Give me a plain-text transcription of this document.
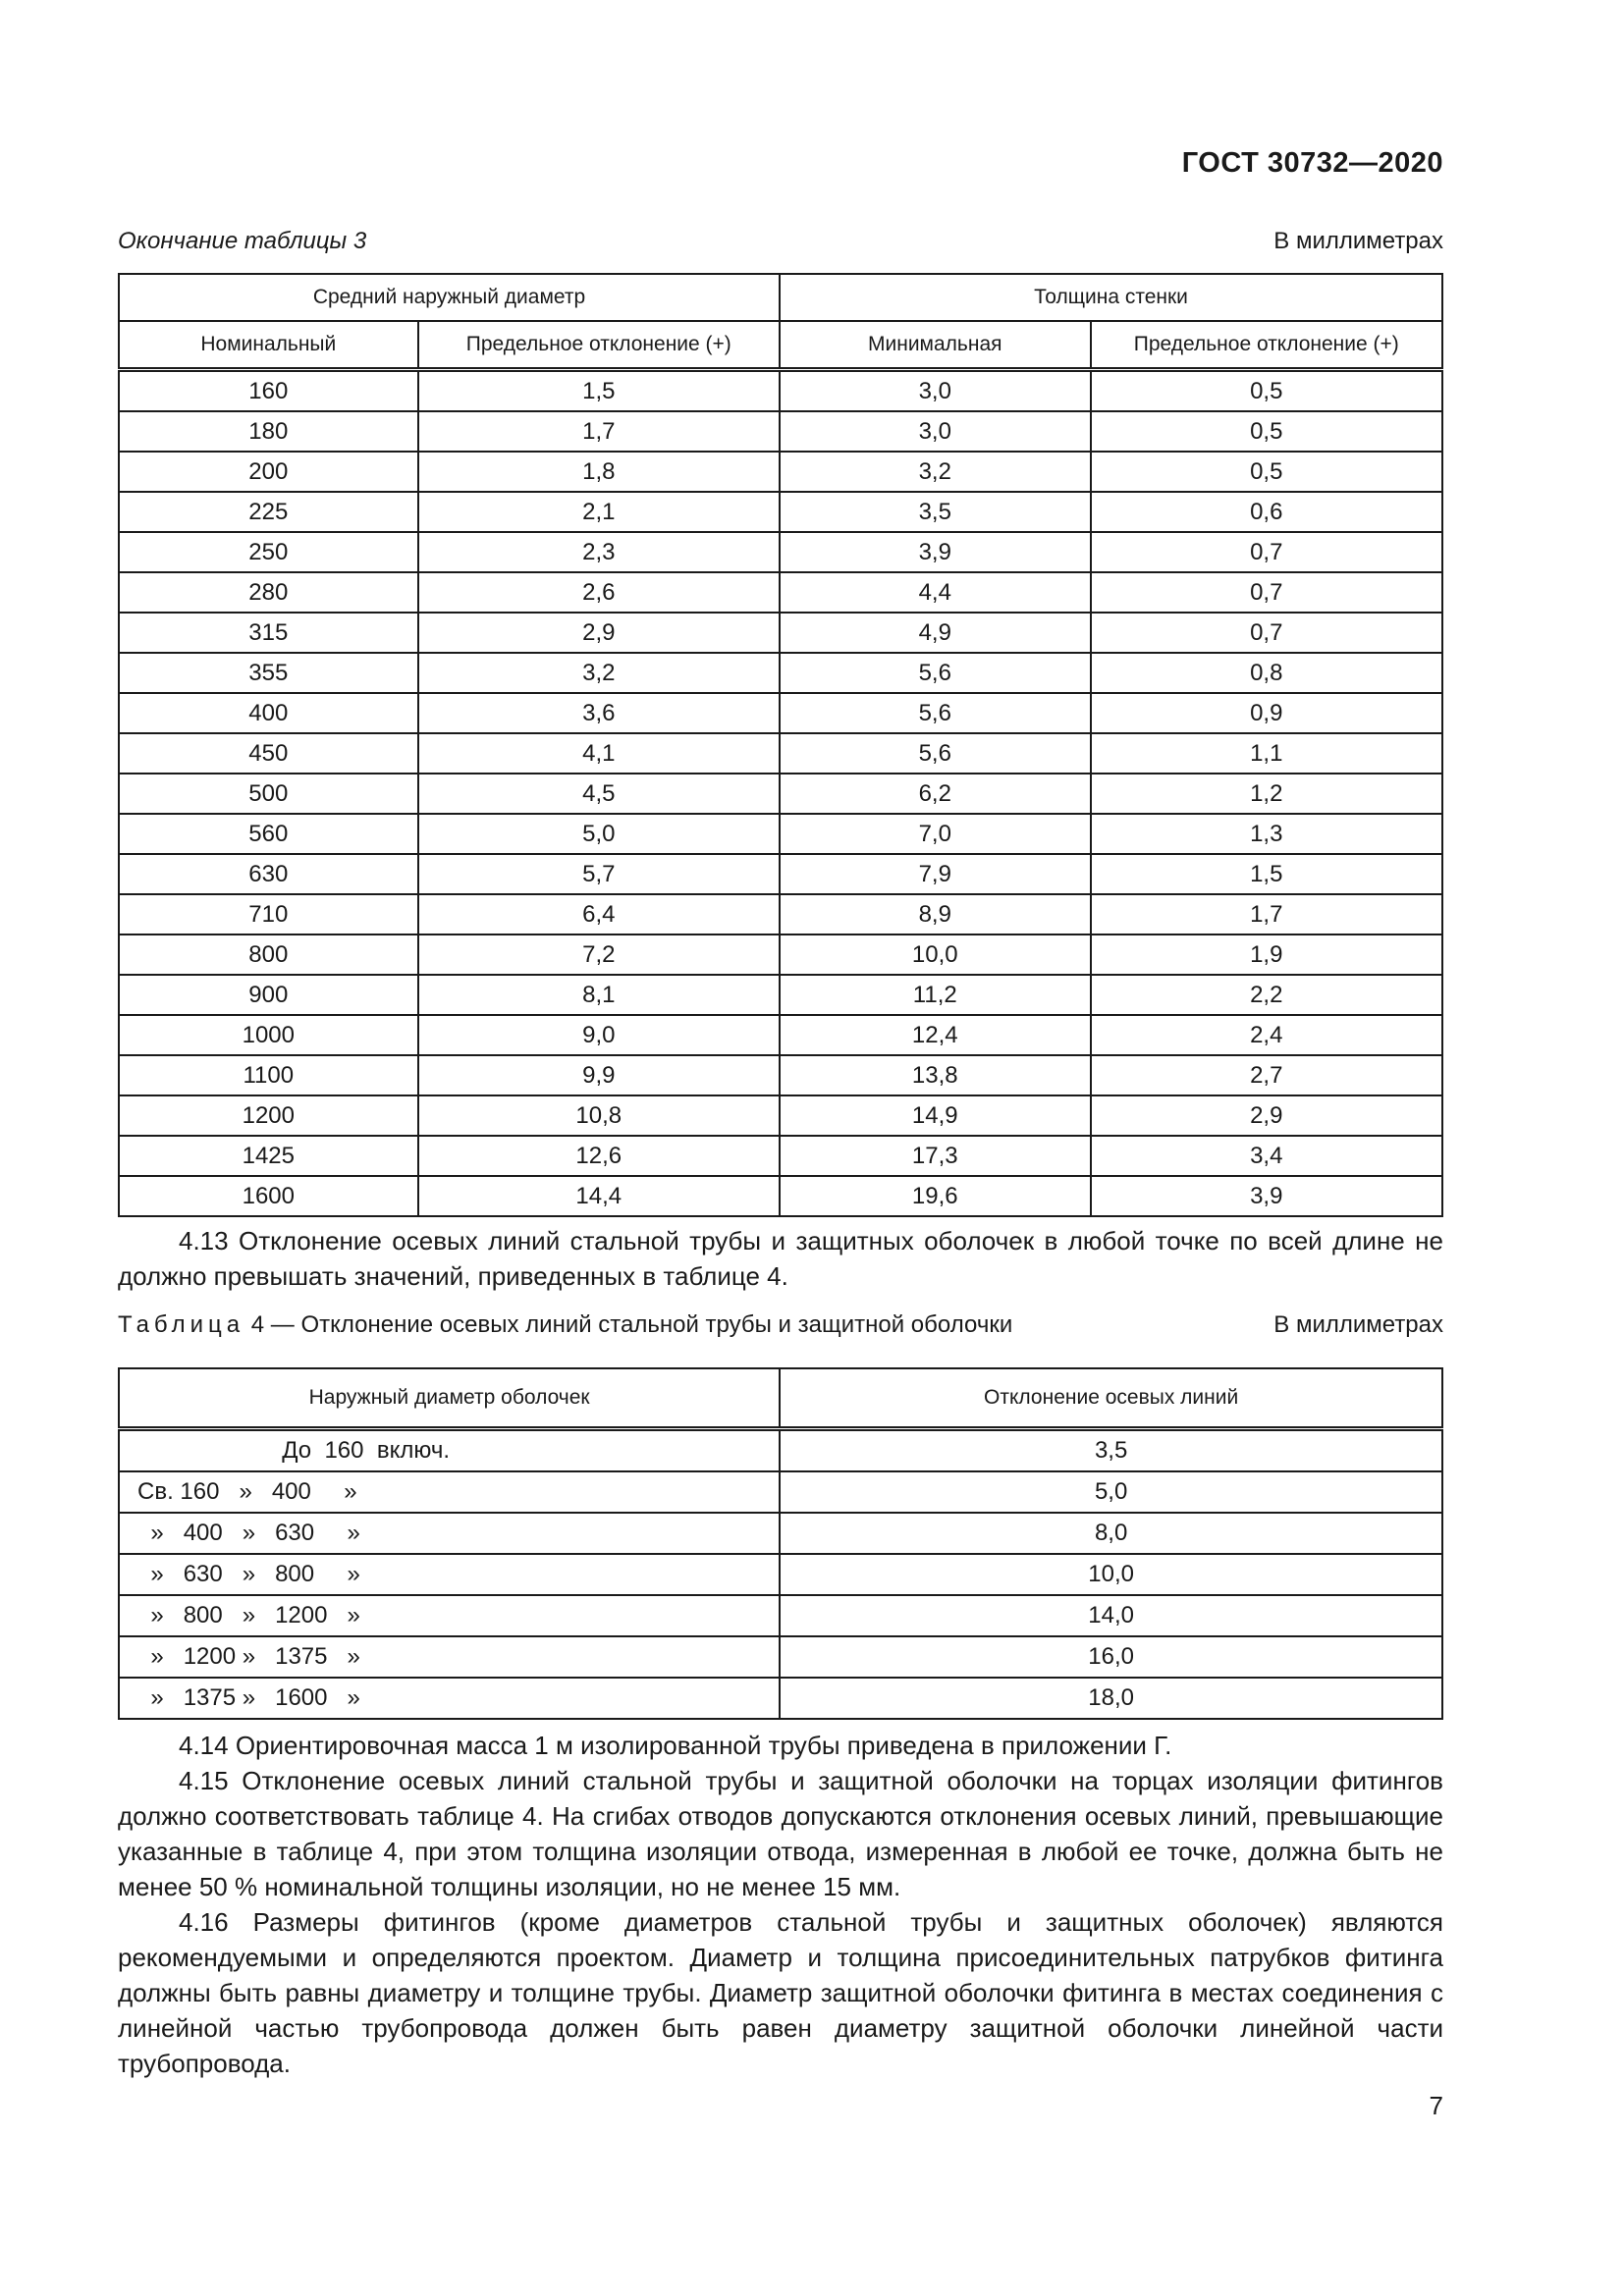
ГОСТ 30732—2020
Окончание таблицы 3	В миллиметрах
Средний наружный диаметр		Толщина стенки	
Номинальный	Предельное отклонение (+)	Минимальная	Предельное отклонение (+)
160	1,5	3,0	0,5
180	1,7	3,0	0,5
200	1,8	3,2	0,5
225	2,1	3,5	0,6
250	2,3	3,9	0,7
280	2,6	4,4	0,7
315	2,9	4,9	0,7
355	3,2	5,6	0,8
400	3,6	5,6	0,9
450	4,1	5,6	1,1
500	4,5	6,2	1,2
560	5,0	7,0	1,3
630	5,7	7,9	1,5
710	6,4	8,9	1,7
800	7,2	10,0	1,9
900	8,1	11,2	2,2
1000	9,0	12,4	2,4
1100	9,9	13,8	2,7
1200	10,8	14,9	2,9
1425	12,6	17,3	3,4
1600	14,4	19,6	3,9

4.13 Отклонение осевых линий стальной трубы и защитных оболочек в любой точке по всей длине не должно превышать значений, приведенных в таблице 4.

Таблица 4 — Отклонение осевых линий стальной трубы и защитной оболочки	В миллиметрах
Наружный диаметр оболочек	Отклонение осевых линий
До  160  включ.	3,5
Св. 160   »   400     »	5,0
»   400   »   630     »	8,0
»   630   »   800     »	10,0
»   800   »   1200   »	14,0
»   1200 »   1375   »	16,0
»   1375 »   1600   »	18,0

4.14 Ориентировочная масса 1 м изолированной трубы приведена в приложении Г.

4.15 Отклонение осевых линий стальной трубы и защитной оболочки на торцах изоляции фитингов должно соответствовать таблице 4. На сгибах отводов допускаются отклонения осевых линий, превышающие указанные в таблице 4, при этом толщина изоляции отвода, измеренная в любой ее точке, должна быть не менее 50 % номинальной толщины изоляции, но не менее 15 мм.

4.16 Размеры фитингов (кроме диаметров стальной трубы и защитных оболочек) являются рекомендуемыми и определяются проектом. Диаметр и толщина присоединительных патрубков фитинга должны быть равны диаметру и толщине трубы. Диаметр защитной оболочки фитинга в местах соединения с линейной частью трубопровода должен быть равен диаметру защитной оболочки линейной части трубопровода.

7
